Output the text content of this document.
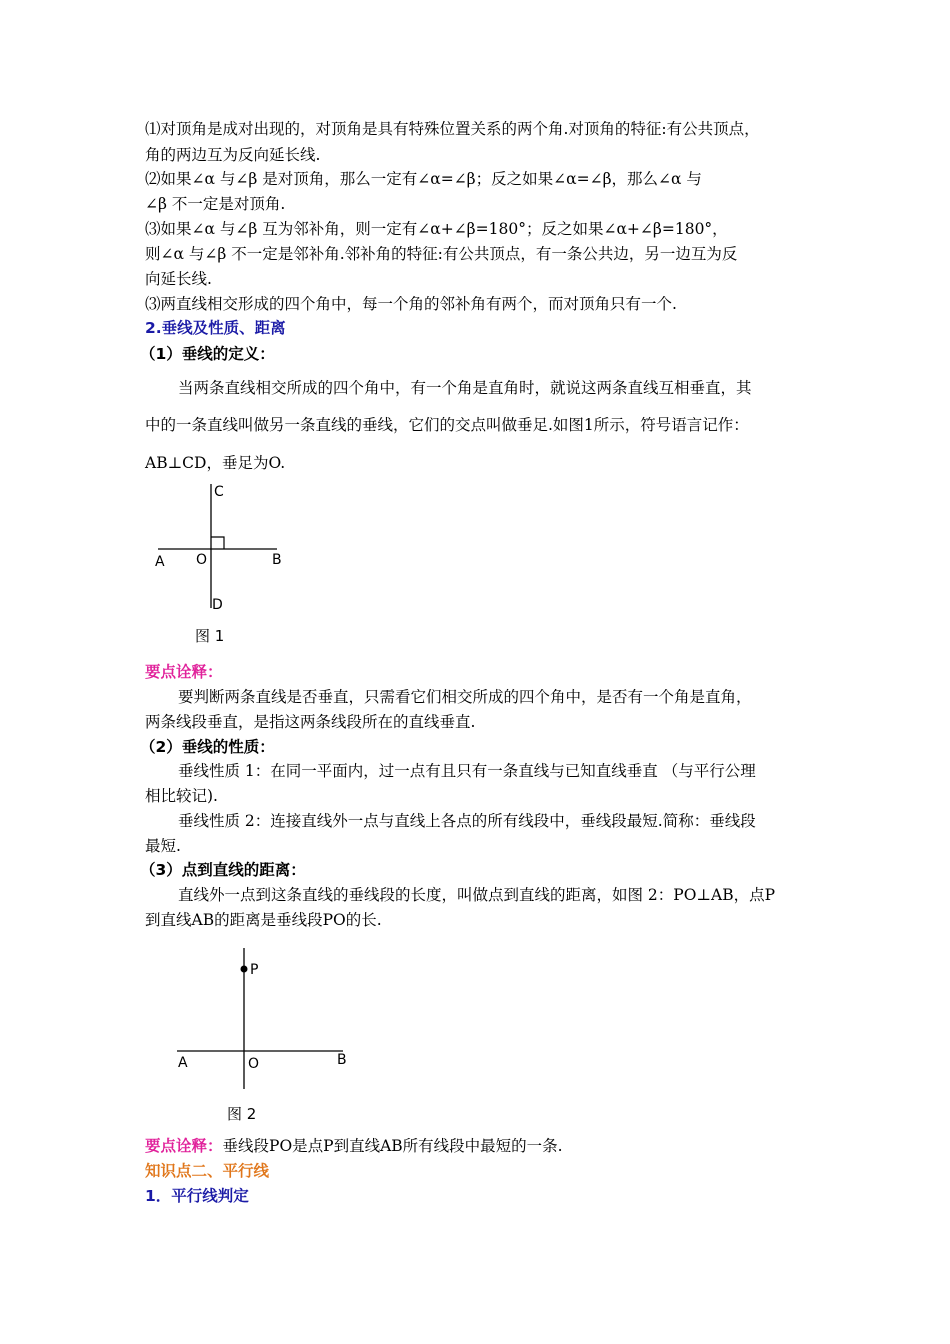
⑴对顶角是成对出现的，对顶角是具有特殊位置关系的两个角.对顶角的特征:有公共顶点，
角的两边互为反向延长线.
⑵如果∠α 与∠β 是对顶角，那么一定有∠α=∠β；反之如果∠α=∠β，那么∠α 与
∠β 不一定是对顶角.
⑶如果∠α 与∠β 互为邻补角，则一定有∠α+∠β=180°；反之如果∠α+∠β=180°，
则∠α 与∠β 不一定是邻补角.邻补角的特征:有公共顶点，有一条公共边，另一边互为反
向延长线.
⑶两直线相交形成的四个角中，每一个角的邻补角有两个，而对顶角只有一个.
2.垂线及性质、距离
（1）垂线的定义：
当两条直线相交所成的四个角中，有一个角是直角时，就说这两条直线互相垂直，其
中的一条直线叫做另一条直线的垂线，它们的交点叫做垂足.如图1所示，符号语言记作：
AB⊥CD，垂足为O.
C
A O	B
D
图 1
要点诠释：
要判断两条直线是否垂直，只需看它们相交所成的四个角中，是否有一个角是直角，
两条线段垂直，是指这两条线段所在的直线垂直.
（2）垂线的性质：
垂线性质 1：在同一平面内，过一点有且只有一条直线与已知直线垂直 （与平行公理
相比较记).
垂线性质 2：连接直线外一点与直线上各点的所有线段中，垂线段最短.简称：垂线段
最短.
（3）点到直线的距离：
直线外一点到这条直线的垂线段的长度，叫做点到直线的距离，如图 2：PO⊥AB，点P
到直线AB的距离是垂线段PO的长.
P
A	O	B
图 2
要点诠释：垂线段PO是点P到直线AB所有线段中最短的一条.
知识点二、平行线
1．平行线判定
